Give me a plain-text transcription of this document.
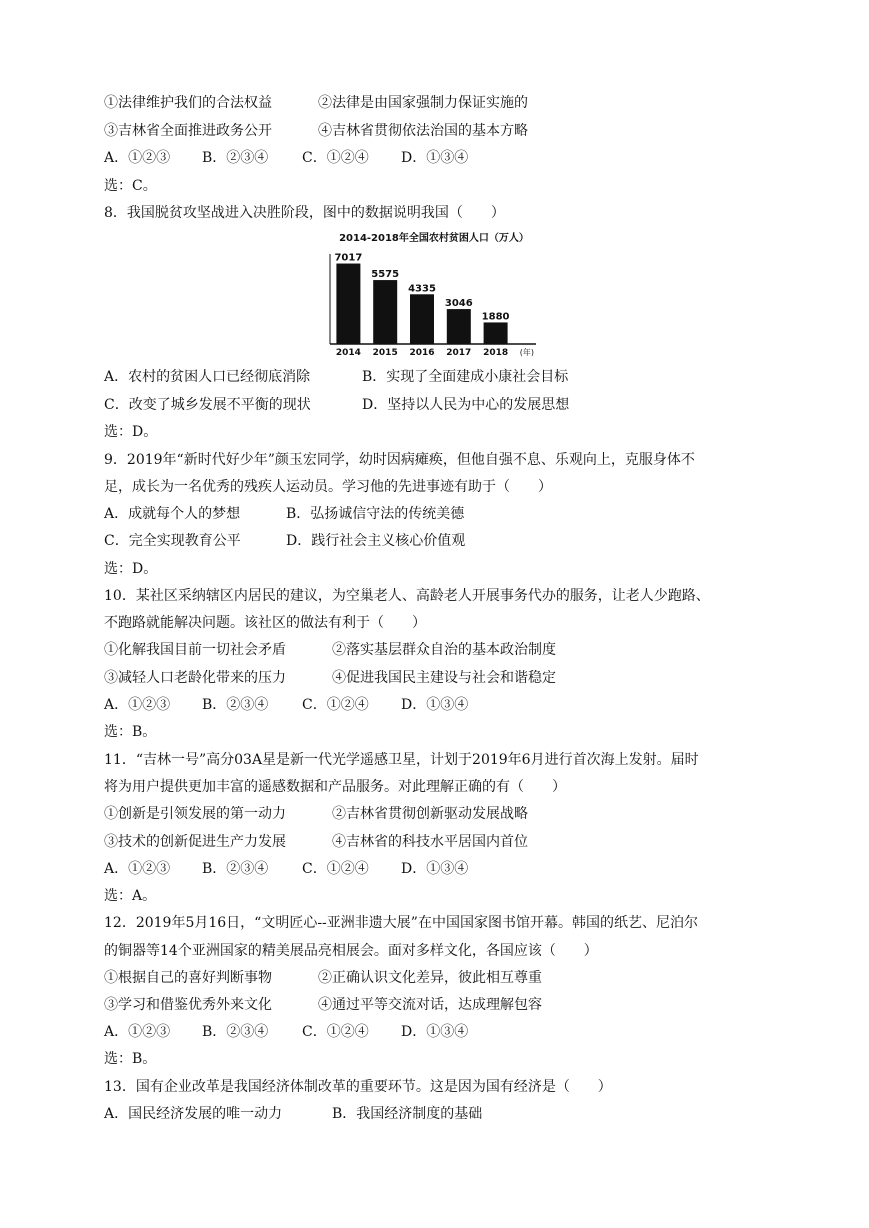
①法律维护我们的合法权益	②法律是由国家强制力保证实施的
③吉林省全面推进政务公开	④吉林省贯彻依法治国的基本方略
A．①②③ B．②③④ C．①②④ D．①③④
选：C。
8．我国脱贫攻坚战进入决胜阶段，图中的数据说明我国（　　）
2014-2018年全国农村贫困人口（万人）
7017
2014
5575
2015
4335
2016
3046
2017
1880
2018 (年)
A．农村的贫困人口已经彻底消除	B．实现了全面建成小康社会目标
C．改变了城乡发展不平衡的现状	D．坚持以人民为中心的发展思想
选：D。
9．2019年“新时代好少年”颜玉宏同学，幼时因病瘫痪，但他自强不息、乐观向上，克服身体不
足，成长为一名优秀的残疾人运动员。学习他的先进事迹有助于（　　）
A．成就每个人的梦想	B．弘扬诚信守法的传统美德
C．完全实现教育公平	D．践行社会主义核心价值观
选：D。
10．某社区采纳辖区内居民的建议，为空巢老人、高龄老人开展事务代办的服务，让老人少跑路、
不跑路就能解决问题。该社区的做法有利于（　　）
①化解我国目前一切社会矛盾	②落实基层群众自治的基本政治制度
③减轻人口老龄化带来的压力	④促进我国民主建设与社会和谐稳定
A．①②③ B．②③④ C．①②④ D．①③④
选：B。
11．“吉林一号”高分03A星是新一代光学遥感卫星，计划于2019年6月进行首次海上发射。届时
将为用户提供更加丰富的遥感数据和产品服务。对此理解正确的有（　　）
①创新是引领发展的第一动力	②吉林省贯彻创新驱动发展战略
③技术的创新促进生产力发展	④吉林省的科技水平居国内首位
A．①②③ B．②③④ C．①②④ D．①③④
选：A。
12．2019年5月16日，“文明匠心--亚洲非遗大展”在中国国家图书馆开幕。韩国的纸艺、尼泊尔
的铜器等14个亚洲国家的精美展品亮相展会。面对多样文化，各国应该（　　）
①根据自己的喜好判断事物	②正确认识文化差异，彼此相互尊重
③学习和借鉴优秀外来文化	④通过平等交流对话，达成理解包容
A．①②③ B．②③④ C．①②④ D．①③④
选：B。
13．国有企业改革是我国经济体制改革的重要环节。这是因为国有经济是（　　）
A．国民经济发展的唯一动力	B．我国经济制度的基础
